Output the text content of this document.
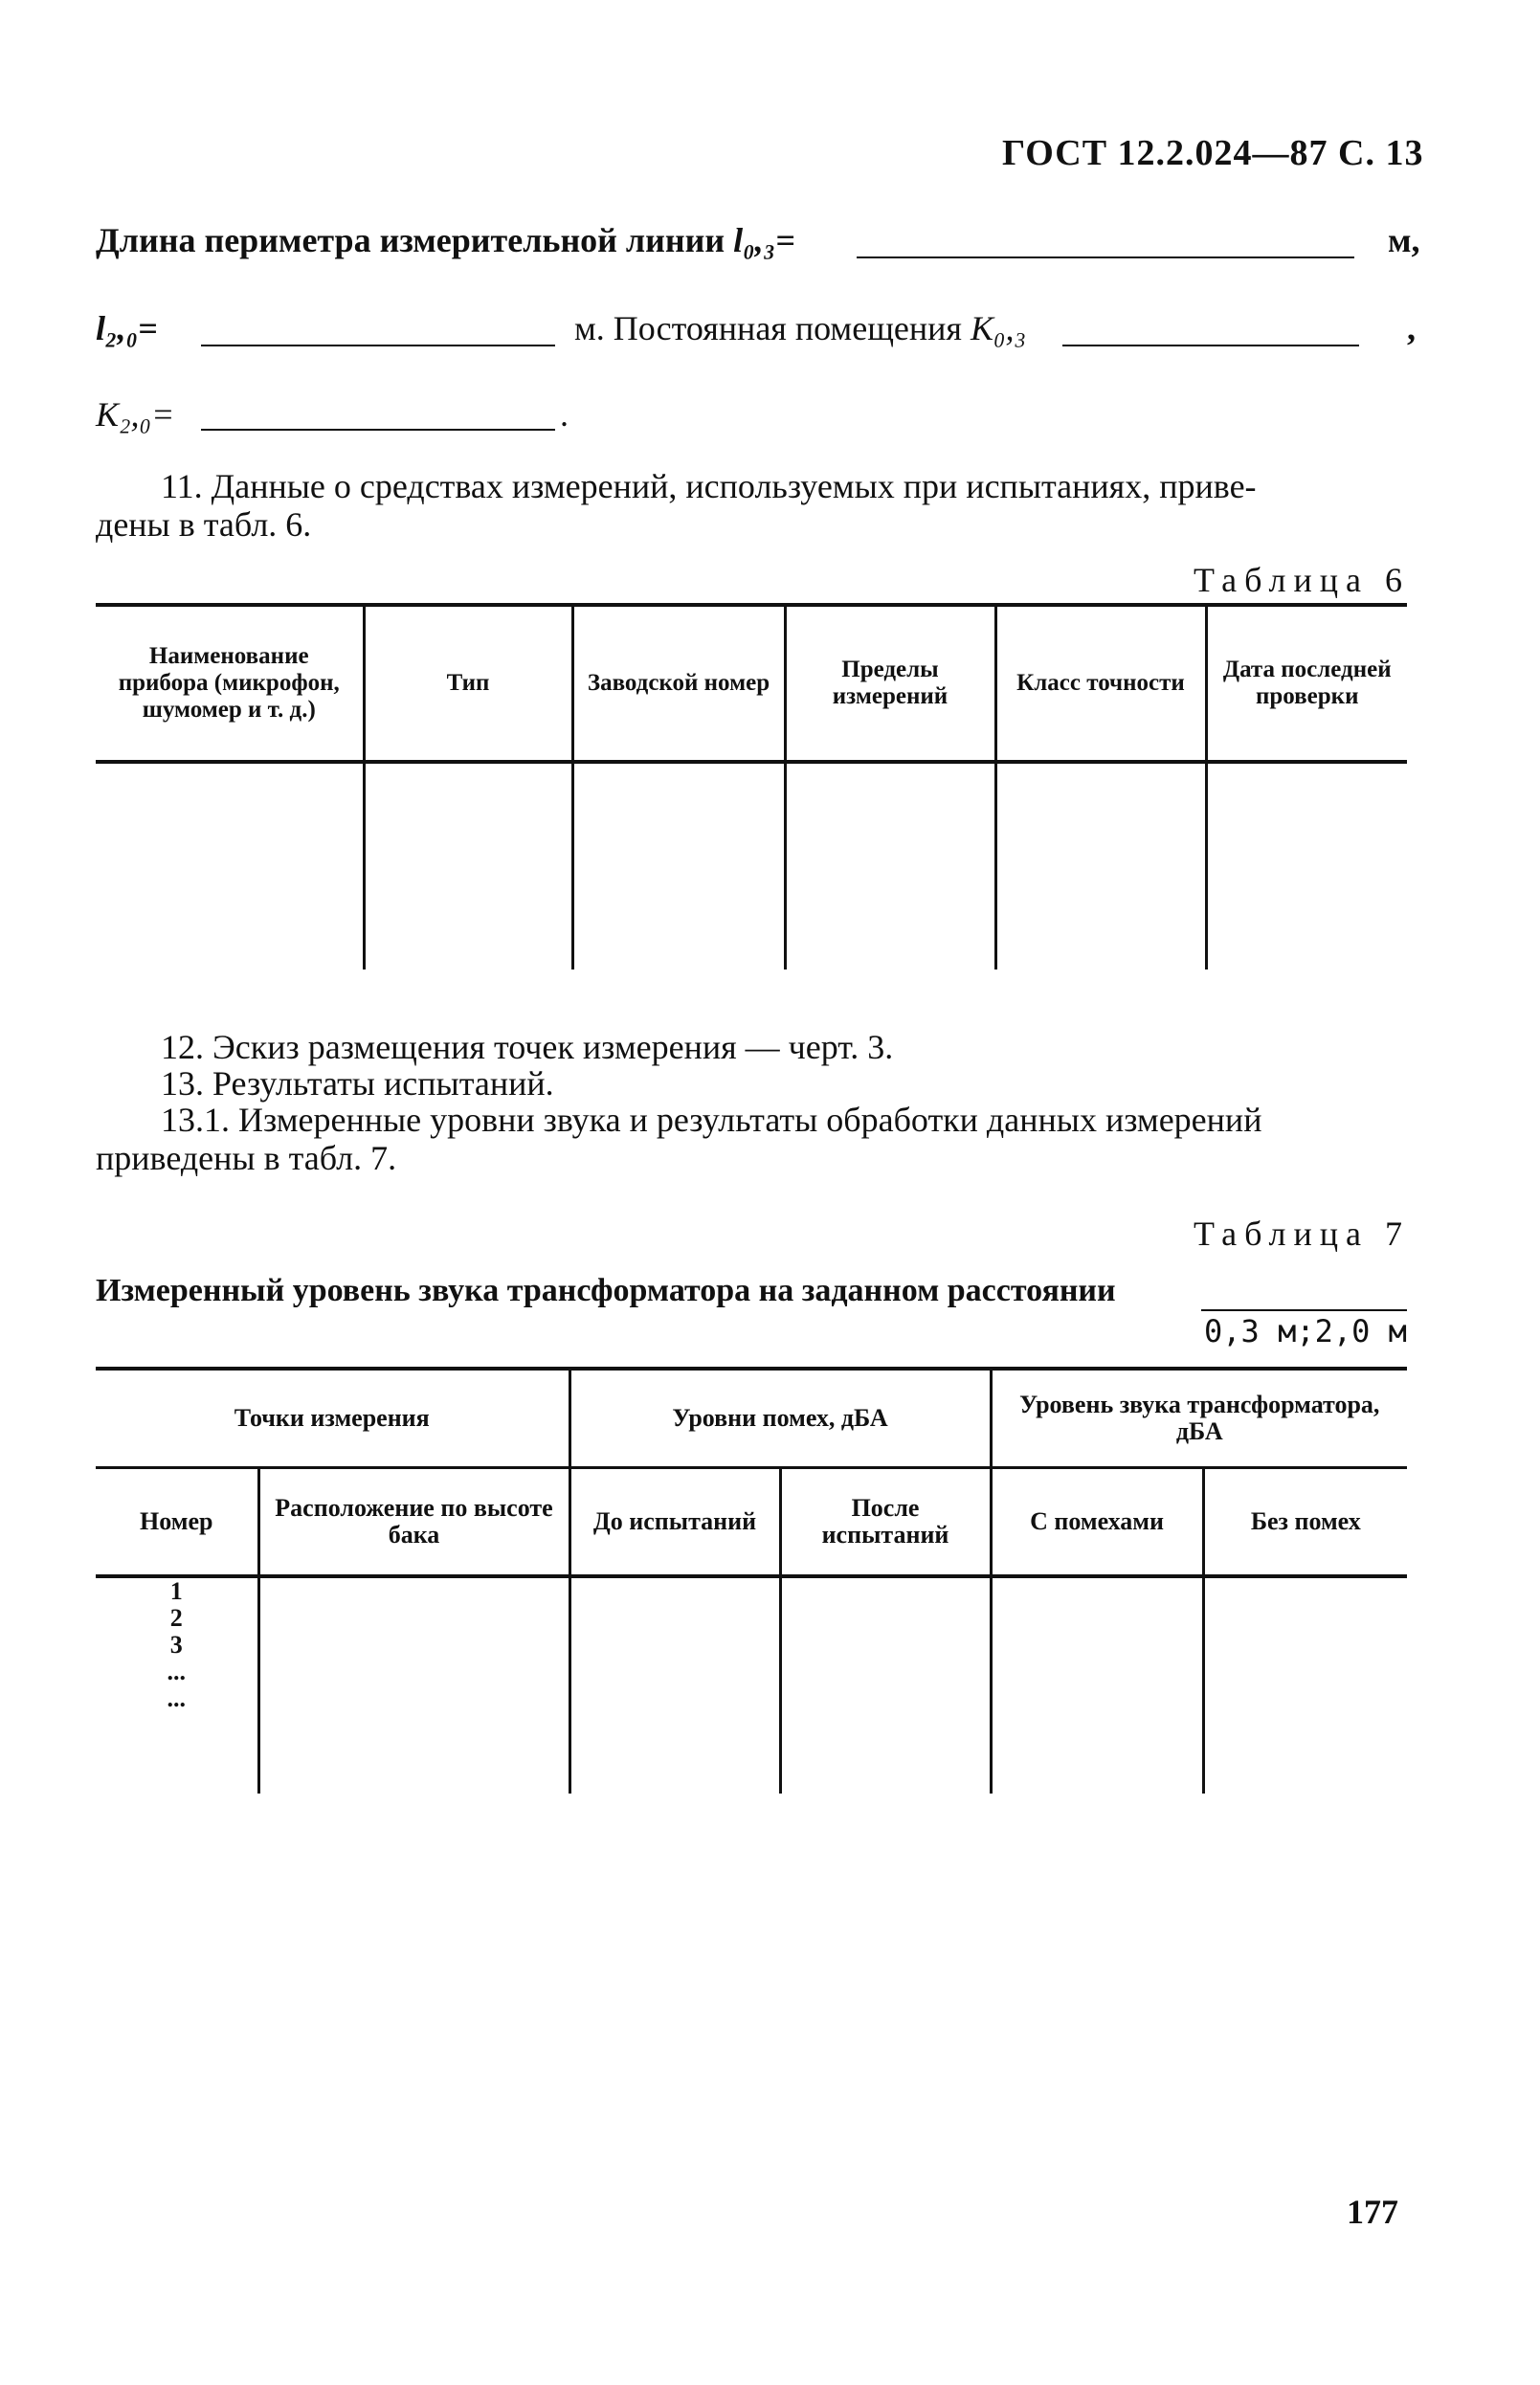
ГОСТ 12.2.024—87 С. 13
Длина периметра измерительной линии l₀,₃=	м,
l₂,₀=	м. Постоянная помещения K₀,₃	,
K₂,₀=	.
11. Данные о средствах измерений, используемых при испытаниях, приве-
дены в табл. 6.
Таблица 6
Наименование прибора (микрофон, шумомер и т. д.)	Тип	Заводской номер	Пределы измерений	Класс точности	Дата последней проверки

12. Эскиз размещения точек измерения — черт. 3.
13. Результаты испытаний.
13.1. Измеренные уровни звука и результаты обработки данных измерений
приведены в табл. 7.
Таблица 7
Измеренный уровень звука трансформатора на заданном расстоянии
0,3 м;2,0 м
Точки измерения		Уровни помех, дБА		Уровень звука трансформатора, дБА	
Номер	Расположение по высоте бака	До испытаний	После испытаний	С помехами	Без помех

1
2
3
...
...					

177
